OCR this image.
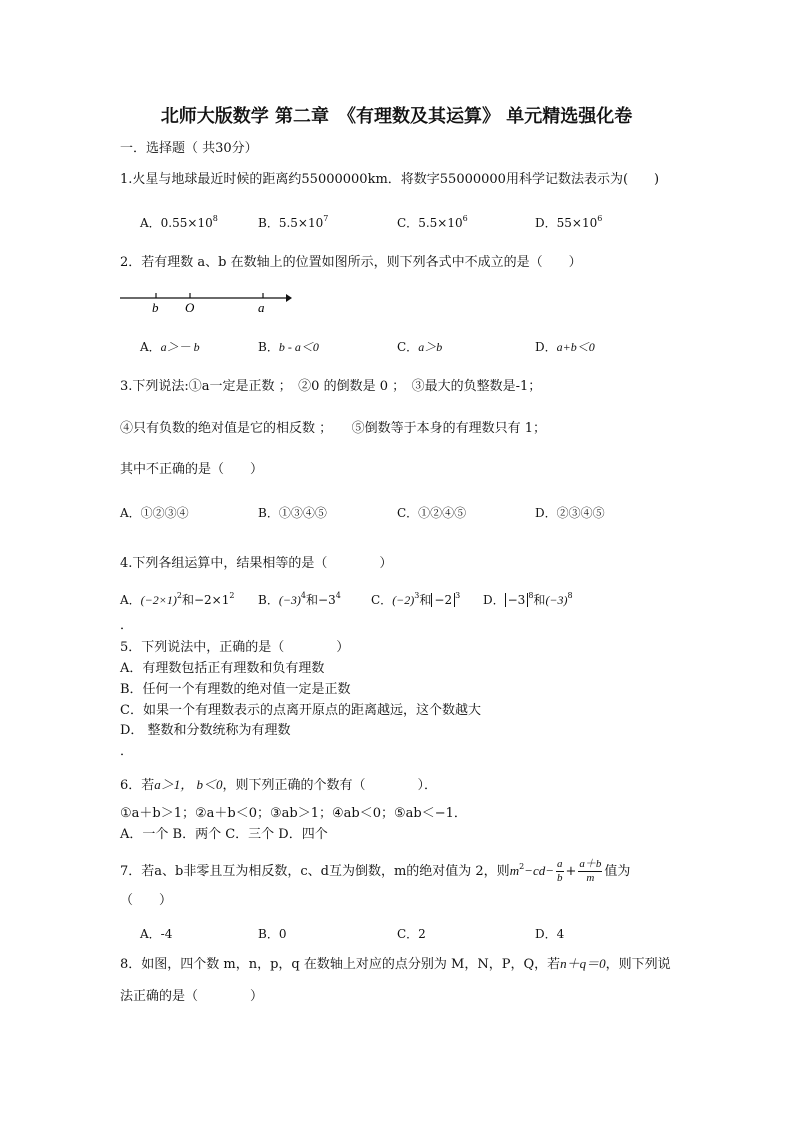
北师大版数学 第二章　《有理数及其运算》 单元精选强化卷
一．选择题（ 共30分）
1.火星与地球最近时候的距离约55000000km．将数字55000000用科学记数法表示为(　　)
A．$0.55\times 10^8$	B．$5.5\times 10^7$	C．$5.5\times 10^6$	D．$55\times 10^6$
2．若有理数 a、b 在数轴上的位置如图所示，则下列各式中不成立的是（　　）
b O	a
A．a＞－ b	B．b - a＜0	C．a＞b	D．a+b＜0
3.下列说法:①a一定是正数 ；　②0 的倒数是 0 ；　③最大的负整数是-1；
④只有负数的绝对值是它的相反数 ；　　⑤倒数等于本身的有理数只有 1；
其中不正确的是（　　）
A．①②③④	B．①③④⑤	C．①②④⑤	D．②③④⑤
4.下列各组运算中，结果相等的是（　　　　）
A．$(-2\times 1)^2$和$-2\times 1^2$ B．$(-3)^4$和$-3^4$	C．$(-2)^3$和 −2 $^3$ D． −3 $^8$和$(-3)^8$
．
5．下列说法中，正确的是（　　　　）
A．有理数包括正有理数和负有理数
B．任何一个有理数的绝对值一定是正数
C．如果一个有理数表示的点离开原点的距离越远，这个数越大
D． 整数和分数统称为有理数
．
6．若a＞1， b＜0，则下列正确的个数有（　　　　）．
①a＋b＞1；②a＋b＜0；③ab＞1；④ab＜0；⑤ab＜−1．
A．一个 B．两个 C．三个 D．四个
7．若a、b非零且互为相反数，c、d互为倒数，m的绝对值为 2，则$m^2-cd- \frac{a}{b} + \frac{a+b}{m}$ 值为
（　　）
A．-4	B．0	C．2	D．4
8．如图，四个数 m，n，p，q 在数轴上对应的点分别为 M，N，P，Q，若n＋q＝0，则下列说
法正确的是（　　　　）
